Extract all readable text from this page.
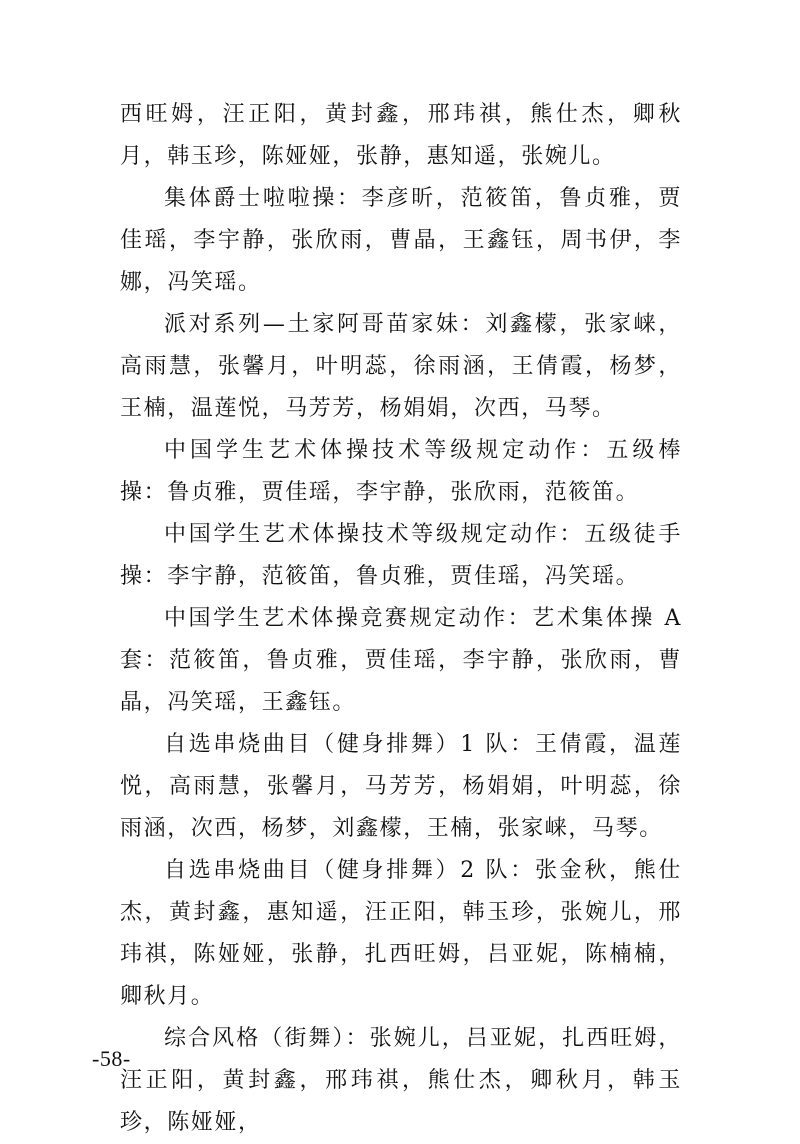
西旺姆，汪正阳，黄封鑫，邢玮祺，熊仕杰，卿秋月，韩玉珍，陈娅娅，张静，惠知遥，张婉儿。

集体爵士啦啦操：李彦昕，范筱笛，鲁贞雅，贾佳瑶，李宇静，张欣雨，曹晶，王鑫钰，周书伊，李娜，冯笑瑶。

派对系列—土家阿哥苗家妹：刘鑫檬，张家崃，高雨慧，张馨月，叶明蕊，徐雨涵，王倩霞，杨梦，王楠，温莲悦，马芳芳，杨娟娟，次西，马琴。

中国学生艺术体操技术等级规定动作：五级棒操：鲁贞雅，贾佳瑶，李宇静，张欣雨，范筱笛。

中国学生艺术体操技术等级规定动作：五级徒手操：李宇静，范筱笛，鲁贞雅，贾佳瑶，冯笑瑶。

中国学生艺术体操竞赛规定动作：艺术集体操 A 套：范筱笛，鲁贞雅，贾佳瑶，李宇静，张欣雨，曹晶，冯笑瑶，王鑫钰。

自选串烧曲目（健身排舞）1 队：王倩霞，温莲悦，高雨慧，张馨月，马芳芳，杨娟娟，叶明蕊，徐雨涵，次西，杨梦，刘鑫檬，王楠，张家崃，马琴。

自选串烧曲目（健身排舞）2 队：张金秋，熊仕杰，黄封鑫，惠知遥，汪正阳，韩玉珍，张婉儿，邢玮祺，陈娅娅，张静，扎西旺姆，吕亚妮，陈楠楠，卿秋月。

综合风格（街舞）：张婉儿，吕亚妮，扎西旺姆，汪正阳，黄封鑫，邢玮祺，熊仕杰，卿秋月，韩玉珍，陈娅娅，

-58-
